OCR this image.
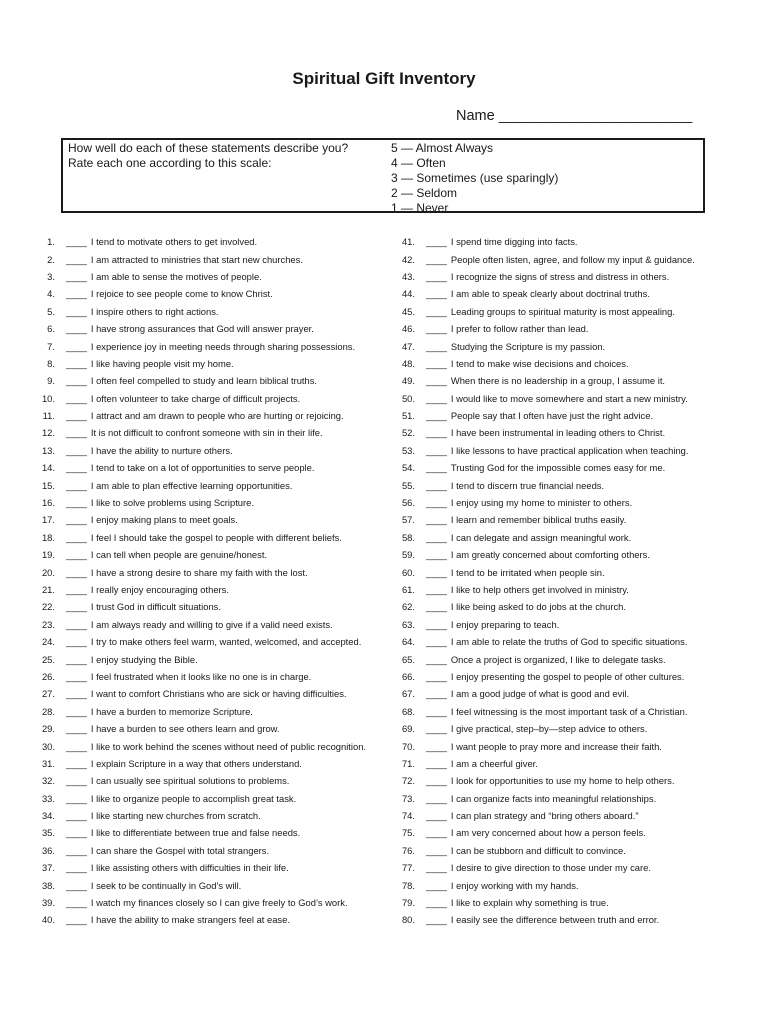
Spiritual Gift Inventory
Name ________________________
How well do each of these statements describe you?
Rate each one according to this scale:
5 — Almost Always
4 — Often
3 — Sometimes (use sparingly)
2 — Seldom
1 — Never
1.	____ I tend to motivate others to get involved.
2.	____ I am attracted to ministries that start new churches.
3.	____ I am able to sense the motives of people.
4.	____ I rejoice to see people come to know Christ.
5.	____ I inspire others to right actions.
6.	____ I have strong assurances that God will answer prayer.
7.	____ I experience joy in meeting needs through sharing possessions.
8.	____ I like having people visit my home.
9.	____ I often feel compelled to study and learn biblical truths.
10.	____ I often volunteer to take charge of difficult projects.
11.	____ I attract and am drawn to people who are hurting or rejoicing.
12.	____ It is not difficult to confront someone with sin in their life.
13.	____ I have the ability to nurture others.
14.	____ I tend to take on a lot of opportunities to serve people.
15.	____ I am able to plan effective learning opportunities.
16.	____ I like to solve problems using Scripture.
17.	____ I enjoy making plans to meet goals.
18.	____ I feel I should take the gospel to people with different beliefs.
19.	____ I can tell when people are genuine/honest.
20.	____ I have a strong desire to share my faith with the lost.
21.	____ I really enjoy encouraging others.
22.	____ I trust God in difficult situations.
23.	____ I am always ready and willing to give if a valid need exists.
24.	____ I try to make others feel warm, wanted, welcomed, and accepted.
25.	____ I enjoy studying the Bible.
26.	____ I feel frustrated when it looks like no one is in charge.
27.	____ I want to comfort Christians who are sick or having difficulties.
28.	____ I have a burden to memorize Scripture.
29.	____ I have a burden to see others learn and grow.
30.	____ I like to work behind the scenes without need of public recognition.
31.	____ I explain Scripture in a way that others understand.
32.	____ I can usually see spiritual solutions to problems.
33.	____ I like to organize people to accomplish great task.
34.	____ I like starting new churches from scratch.
35.	____ I like to differentiate between true and false needs.
36.	____ I can share the Gospel with total strangers.
37.	____ I like assisting others with difficulties in their life.
38.	____ I seek to be continually in God’s will.
39.	____ I watch my finances closely so I can give freely to God’s work.
40.	____ I have the ability to make strangers feel at ease.
41.	____ I spend time digging into facts.
42.	____ People often listen, agree, and follow my input & guidance.
43.	____ I recognize the signs of stress and distress in others.
44.	____ I am able to speak clearly about doctrinal truths.
45.	____ Leading groups to spiritual maturity is most appealing.
46.	____ I prefer to follow rather than lead.
47.	____ Studying the Scripture is my passion.
48.	____ I tend to make wise decisions and choices.
49.	____ When there is no leadership in a group, I assume it.
50.	____ I would like to move somewhere and start a new ministry.
51.	____ People say that I often have just the right advice.
52.	____ I have been instrumental in leading others to Christ.
53.	____ I like lessons to have practical application when teaching.
54.	____ Trusting God for the impossible comes easy for me.
55.	____ I tend to discern true financial needs.
56.	____ I enjoy using my home to minister to others.
57.	____ I learn and remember biblical truths easily.
58.	____ I can delegate and assign meaningful work.
59.	____ I am greatly concerned about comforting others.
60.	____ I tend to be irritated when people sin.
61.	____ I like to help others get involved in ministry.
62.	____ I like being asked to do jobs at the church.
63.	____ I enjoy preparing to teach.
64.	____ I am able to relate the truths of God to specific situations.
65.	____ Once a project is organized, I like to delegate tasks.
66.	____ I enjoy presenting the gospel to people of other cultures.
67.	____ I am a good judge of what is good and evil.
68.	____ I feel witnessing is the most important task of a Christian.
69.	____ I give practical, step–by—step advice to others.
70.	____ I want people to pray more and increase their faith.
71.	____ I am a cheerful giver.
72.	____ I look for opportunities to use my home to help others.
73.	____ I can organize facts into meaningful relationships.
74.	____ I can plan strategy and “bring others aboard.”
75.	____ I am very concerned about how a person feels.
76.	____ I can be stubborn and difficult to convince.
77.	____ I desire to give direction to those under my care.
78.	____ I enjoy working with my hands.
79.	____ I like to explain why something is true.
80.	____ I easily see the difference between truth and error.
